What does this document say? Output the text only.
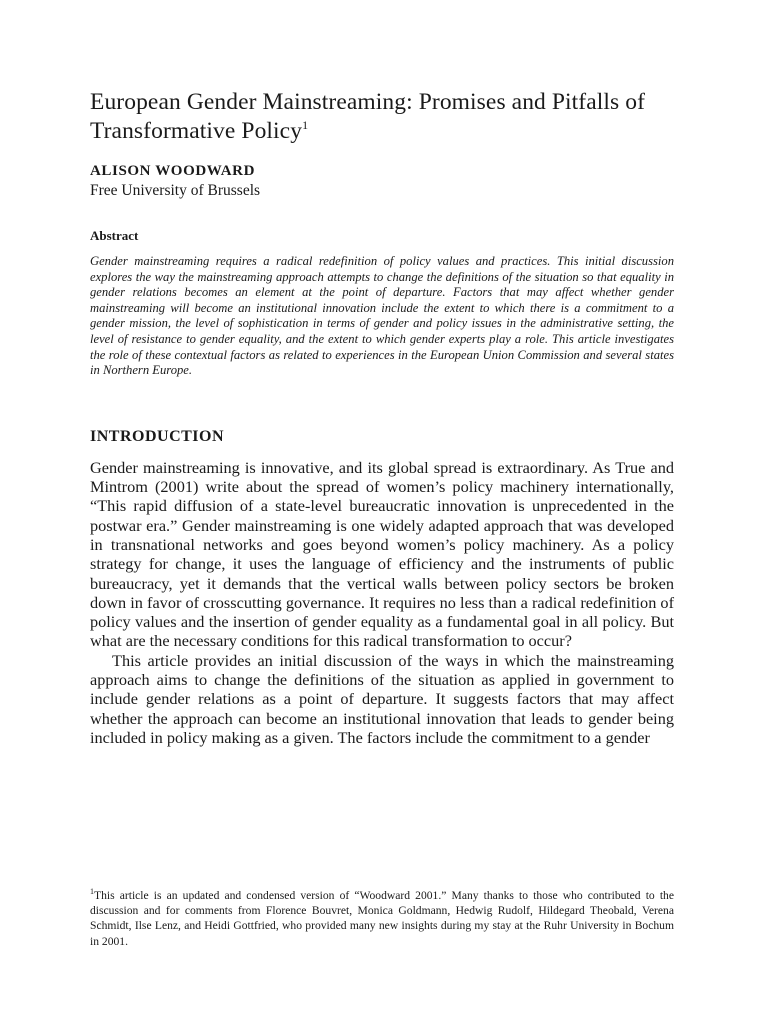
European Gender Mainstreaming: Promises and Pitfalls of Transformative Policy$^1$
ALISON WOODWARD
Free University of Brussels
Abstract
Gender mainstreaming requires a radical redefinition of policy values and practices. This initial discussion explores the way the mainstreaming approach attempts to change the definitions of the situation so that equality in gender relations becomes an element at the point of departure. Factors that may affect whether gender mainstreaming will become an institutional innovation include the extent to which there is a commitment to a gender mission, the level of sophistication in terms of gender and policy issues in the administrative setting, the level of resistance to gender equality, and the extent to which gender experts play a role. This article investigates the role of these contextual factors as related to experiences in the European Union Commission and several states in Northern Europe.
INTRODUCTION

Gender mainstreaming is innovative, and its global spread is extraordinary. As True and Mintrom (2001) write about the spread of women’s policy machinery internationally, “This rapid diffusion of a state-level bureaucratic innovation is unprecedented in the postwar era.” Gender mainstreaming is one widely adapted approach that was developed in transnational networks and goes beyond women’s policy machinery. As a policy strategy for change, it uses the language of efficiency and the instruments of public bureaucracy, yet it demands that the vertical walls between policy sectors be broken down in favor of crosscutting governance. It requires no less than a radical redefinition of policy values and the insertion of gender equality as a fundamental goal in all policy. But what are the necessary conditions for this radical transformation to occur?

This article provides an initial discussion of the ways in which the mainstreaming approach aims to change the definitions of the situation as applied in government to include gender relations as a point of departure. It suggests factors that may affect whether the approach can become an institutional innovation that leads to gender being included in policy making as a given. The factors include the commitment to a gender

$^1$This article is an updated and condensed version of “Woodward 2001.” Many thanks to those who contributed to the discussion and for comments from Florence Bouvret, Monica Goldmann, Hedwig Rudolf, Hildegard Theobald, Verena Schmidt, Ilse Lenz, and Heidi Gottfried, who provided many new insights during my stay at the Ruhr University in Bochum in 2001.
